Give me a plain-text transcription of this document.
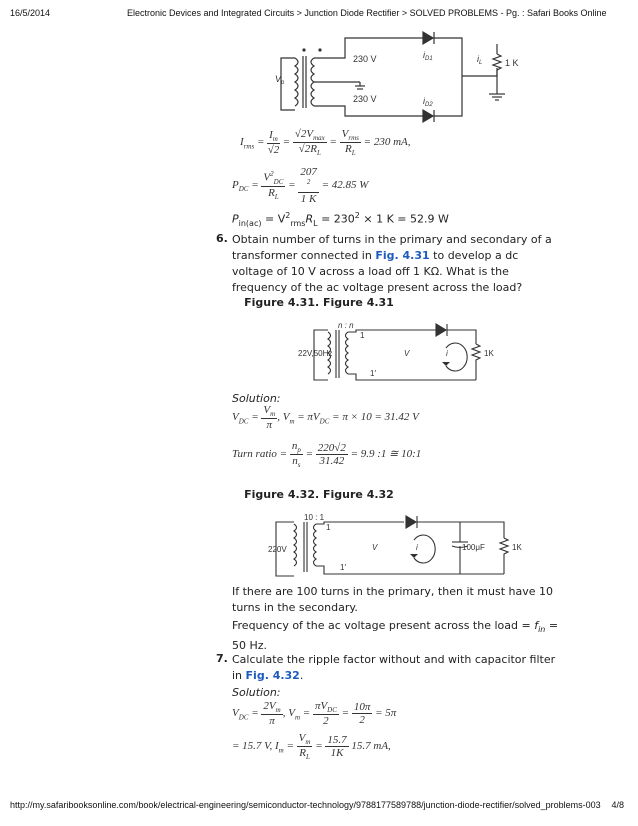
16/5/2014	Electronic Devices and Integrated Circuits > Junction Diode Rectifier > SOLVED PROBLEMS - Pg. : Safari Books Online
230 V
230 V
$V_p$
$i_{D1}$
$i_{D2}$
$i_L$	1 K
$I_{rms} = \frac{I_m}{√2} = \frac{√2V_{max}}{√2R_L} = \frac{V_{rms}}{R_L} = 230$ mA,
$P_{DC} = \frac{V^2_{DC}}{R_L} = 207$
$^2$
1 K = 42.85 W
$P_{in(ac)} = V^2_{rms}R_L = 230^2 \times 1$ K = 52.9 W
6. Obtain number of turns in the primary and secondary of a transformer connected in Fig. 4.31 to develop a dc voltage of 10 V across a load off 1 KΩ. What is the frequency of the ac voltage present across the load?
Figure 4.31. Figure 4.31
n : n
22V,50Hz
1
1′
V	i	1K
Solution:
$V_{DC} = \frac{V_m}{\pi}$ , $V_m = \pi V_{DC} = \pi \times 10 = 31.42$ V
Turn ratio = $\frac{n_p}{n_s} = \frac{220√2}{31.42} = 9.9$ :1 ≅ 10:1
Figure 4.32. Figure 4.32
10 : 1
220V
1
1′
V	i	100μF	1K
If there are 100 turns in the primary, then it must have 10 turns in the secondary.
Frequency of the ac voltage present across the load = $f_{in} = 50$ Hz.
7. Calculate the ripple factor without and with capacitor filter in Fig. 4.32.
Solution:
$V_{DC} = \frac{2V_m}{\pi}$ , $V_m = \frac{\pi V_{DC}}{2} = \frac{10\pi}{2} = 5\pi$
= 15.7 V, $I_m = \frac{V_m}{R_L} = \frac{15.7}{1K} 15.7$ mA,
http://my.safaribooksonline.com/book/electrical-engineering/semiconductor-technology/9788177589788/junction-diode-rectifier/solved_problems-003 4/8
